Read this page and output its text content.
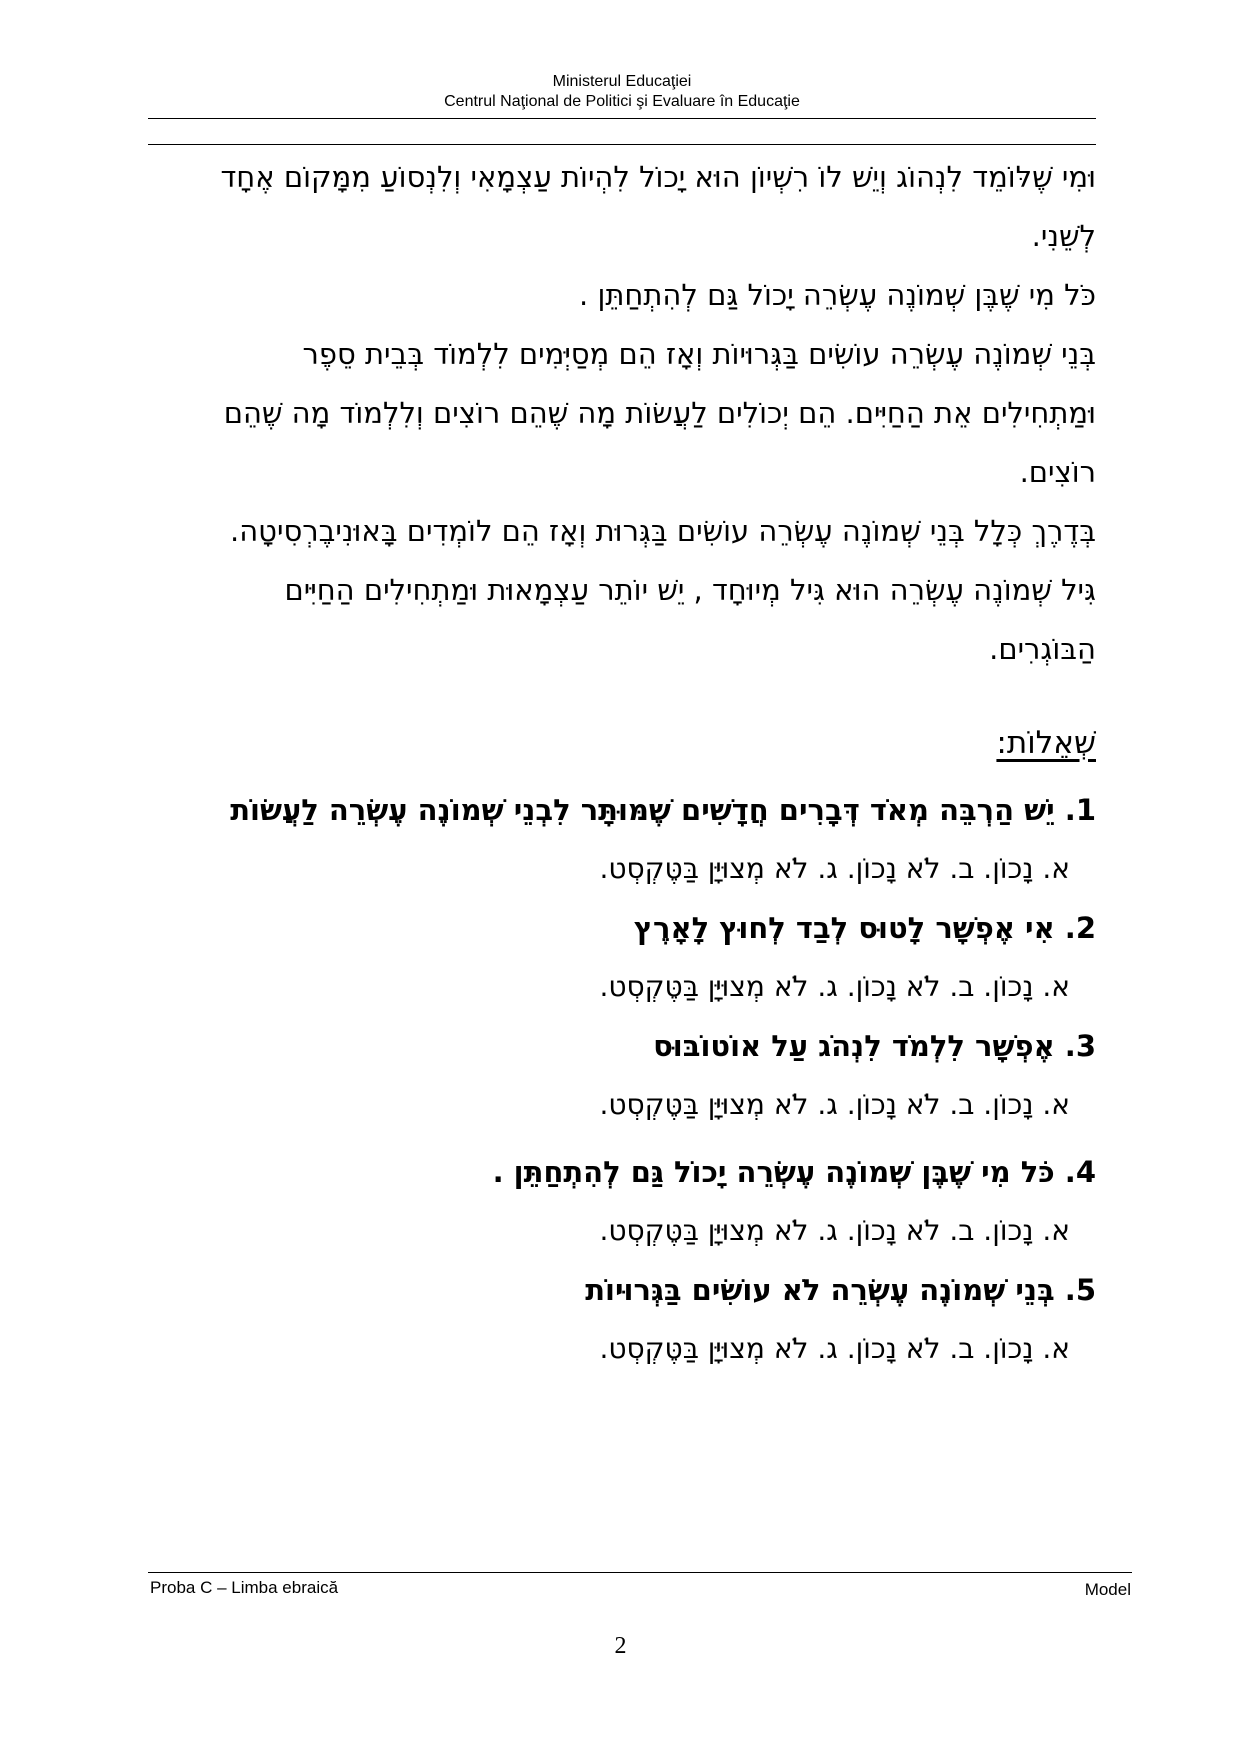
Ministerul Educaţiei
Centrul Naţional de Politici şi Evaluare în Educaţie

וּמִי שֶׁלּוֹמֵד לִנְהוֹג וְיֵשׁ לוֹ רִשְׁיוֹן הוּא יָכוֹל לִהְיוֹת עַצְמָאִי וְלִנְסוֹעַ מִמָּקוֹם אֶחָד

לְשֵׁנִי.

כֹּל מִי שֶׁבֶּן שְׁמוֹנֶה עֶשְׂרֵה יָכוֹל גַּם לְהִתְחַתֵּן .

בְּנֵי שְׁמוֹנֶה עֶשְׂרֵה עוֹשִׂים בַּגְּרוּיוֹת וְאָז הֵם מְסַיְּמִים לִלְמוֹד בְּבֵית סֵפֶר

וּמַתְחִילִים אֵת הַחַיִּים. הֵם יְכוֹלִים לַעֲשׂוֹת מָה שֶׁהֵם רוֹצִים וְלִלְמוֹד מָה שֶׁהֵם

רוֹצִים.

בְּדֶרֶךְ כְּלָל בְּנֵי שְׁמוֹנֶה עֶשְׂרֵה עוֹשִׂים בַּגְּרוּת וְאָז הֵם לוֹמְדִים בָּאוּנִיבֶרְסִיטָה.

גִּיל שְׁמוֹנֶה עֶשְׂרֵה הוּא גִּיל מְיוּחָד , יֵשׁ יוֹתֵר עַצְמָאוּת וּמַתְחִילִים הַחַיִּים

הַבּוֹגְרִים.

שְׁאֵלוֹת:
1. יֵשׁ הַרְבֵּה מְאֹד דְּבָרִים חֲדָשִׁים שֶׁמּוּתָּר לִבְנֵי שְׁמוֹנֶה עֶשְׂרֵה לַעֲשׂוֹת
א. נָכוֹן. ב. לֹא נָכוֹן. ג. לֹא מְצוּיָּן בַּטֶּקְסְט.
2. אִי אֶפְשָׁר לָטוּס לְבַד לְחוּץ לָאָרֶץ
א. נָכוֹן. ב. לֹא נָכוֹן. ג. לֹא מְצוּיָּן בַּטֶּקְסְט.
3. אֶפְשָׁר לִלְמֹד לִנְהֹג עַל אוֹטוֹבּוּס
א. נָכוֹן. ב. לֹא נָכוֹן. ג. לֹא מְצוּיָּן בַּטֶּקְסְט.
4. כֹּל מִי שֶׁבֶּן שְׁמוֹנֶה עֶשְׂרֵה יָכוֹל גַּם לְהִתְחַתֵּן .
א. נָכוֹן. ב. לֹא נָכוֹן. ג. לֹא מְצוּיָּן בַּטֶּקְסְט.
5. בְּנֵי שְׁמוֹנֶה עֶשְׂרֵה לֹא עוֹשִׂים בַּגְּרוּיוֹת
א. נָכוֹן. ב. לֹא נָכוֹן. ג. לֹא מְצוּיָּן בַּטֶּקְסְט.
Proba C – Limba ebraică	Model
2
